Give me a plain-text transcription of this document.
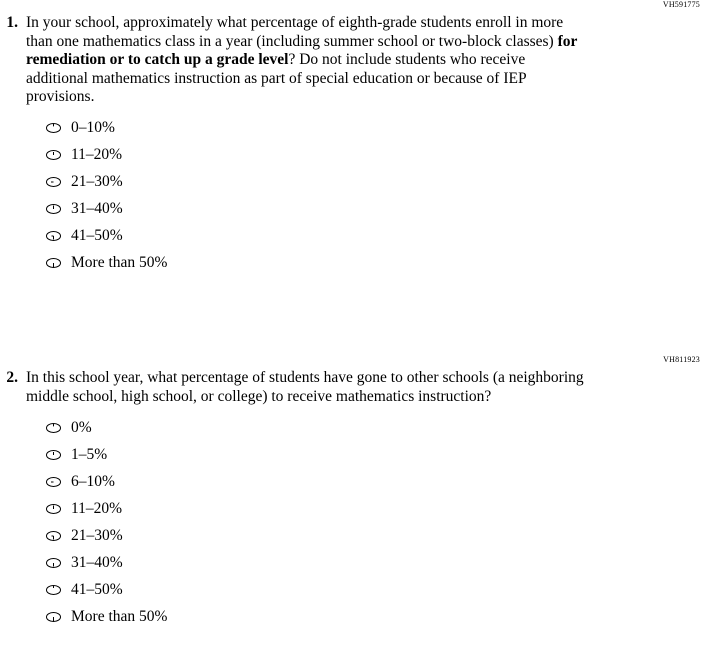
VH591775
1. In your school, approximately what percentage of eighth-grade students enroll in more than one mathematics class in a year (including summer school or two-block classes) for remediation or to catch up a grade level? Do not include students who receive additional mathematics instruction as part of special education or because of IEP provisions.
0–10%
11–20%
21–30%
31–40%
41–50%
More than 50%
VH811923
2. In this school year, what percentage of students have gone to other schools (a neighboring middle school, high school, or college) to receive mathematics instruction?
0%
1–5%
6–10%
11–20%
21–30%
31–40%
41–50%
More than 50%
